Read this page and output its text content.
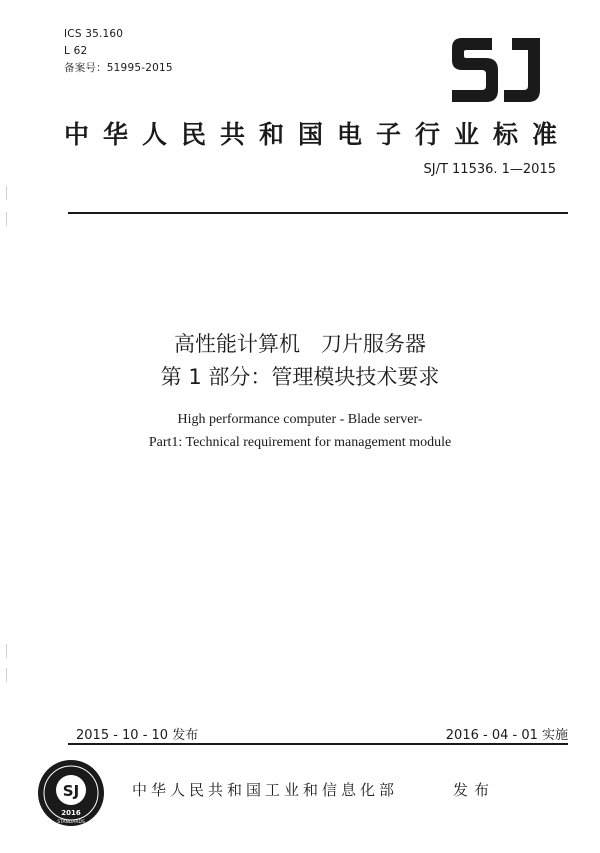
ICS 35.160
L 62
备案号：51995-2015
中华人民共和国电子行业标准
SJ/T 11536. 1—2015
高性能计算机　刀片服务器
第 1 部分：管理模块技术要求
High performance computer - Blade server-
Part1: Technical requirement for management module
2015 - 10 - 10 发布	2016 - 04 - 01 实施
SJ
2016
STANDARDS
中华人民共和国工业和信息化部	发布
